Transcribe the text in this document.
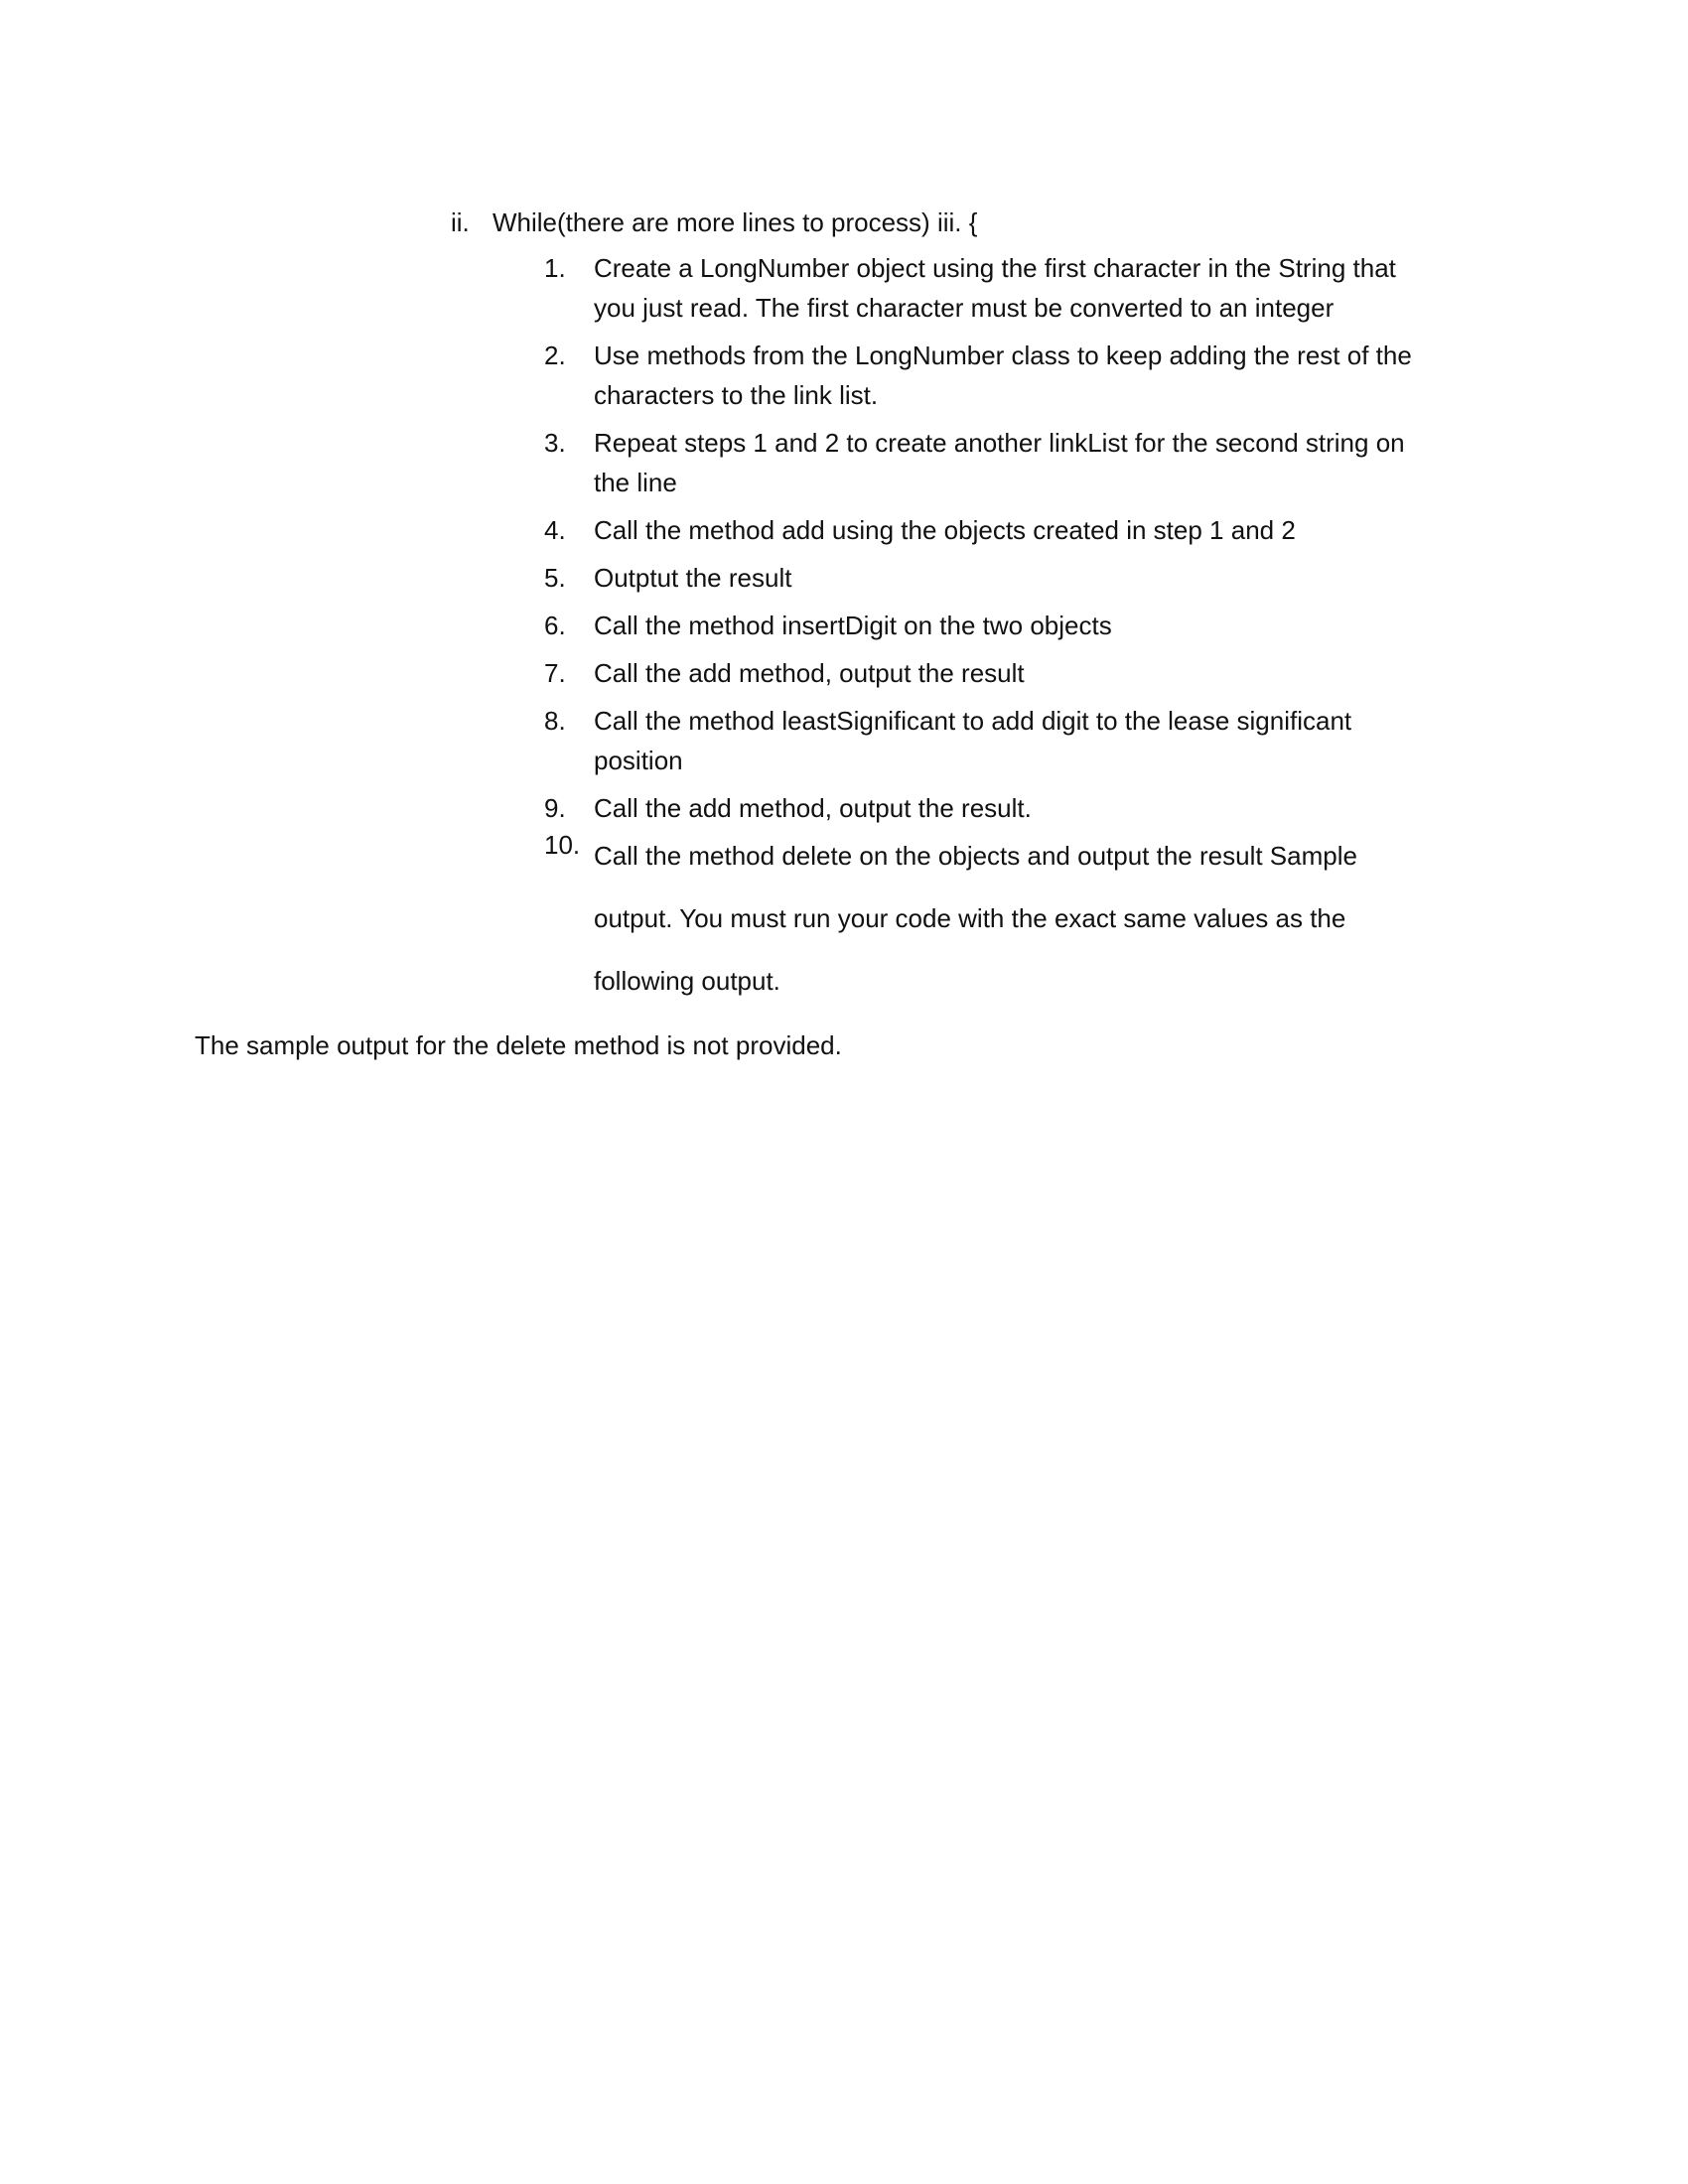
ii. While(there are more lines to process) iii. {
1.	Create a LongNumber object using the first character in the String that
you just read. The first character must be converted to an integer
2.	Use methods from the LongNumber class to keep adding the rest of the
characters to the link list.
3.	Repeat steps 1 and 2 to create another linkList for the second string on
the line
4.	Call the method add using the objects created in step 1 and 2
5.	Outptut the result
6.	Call the method insertDigit on the two objects
7.	Call the add method, output the result
8.	Call the method leastSignificant to add digit to the lease significant
position
9.	Call the add method, output the result.
10. Call the method delete on the objects and output the result Sample
output. You must run your code with the exact same values as the
following output.
The sample output for the delete method is not provided.
